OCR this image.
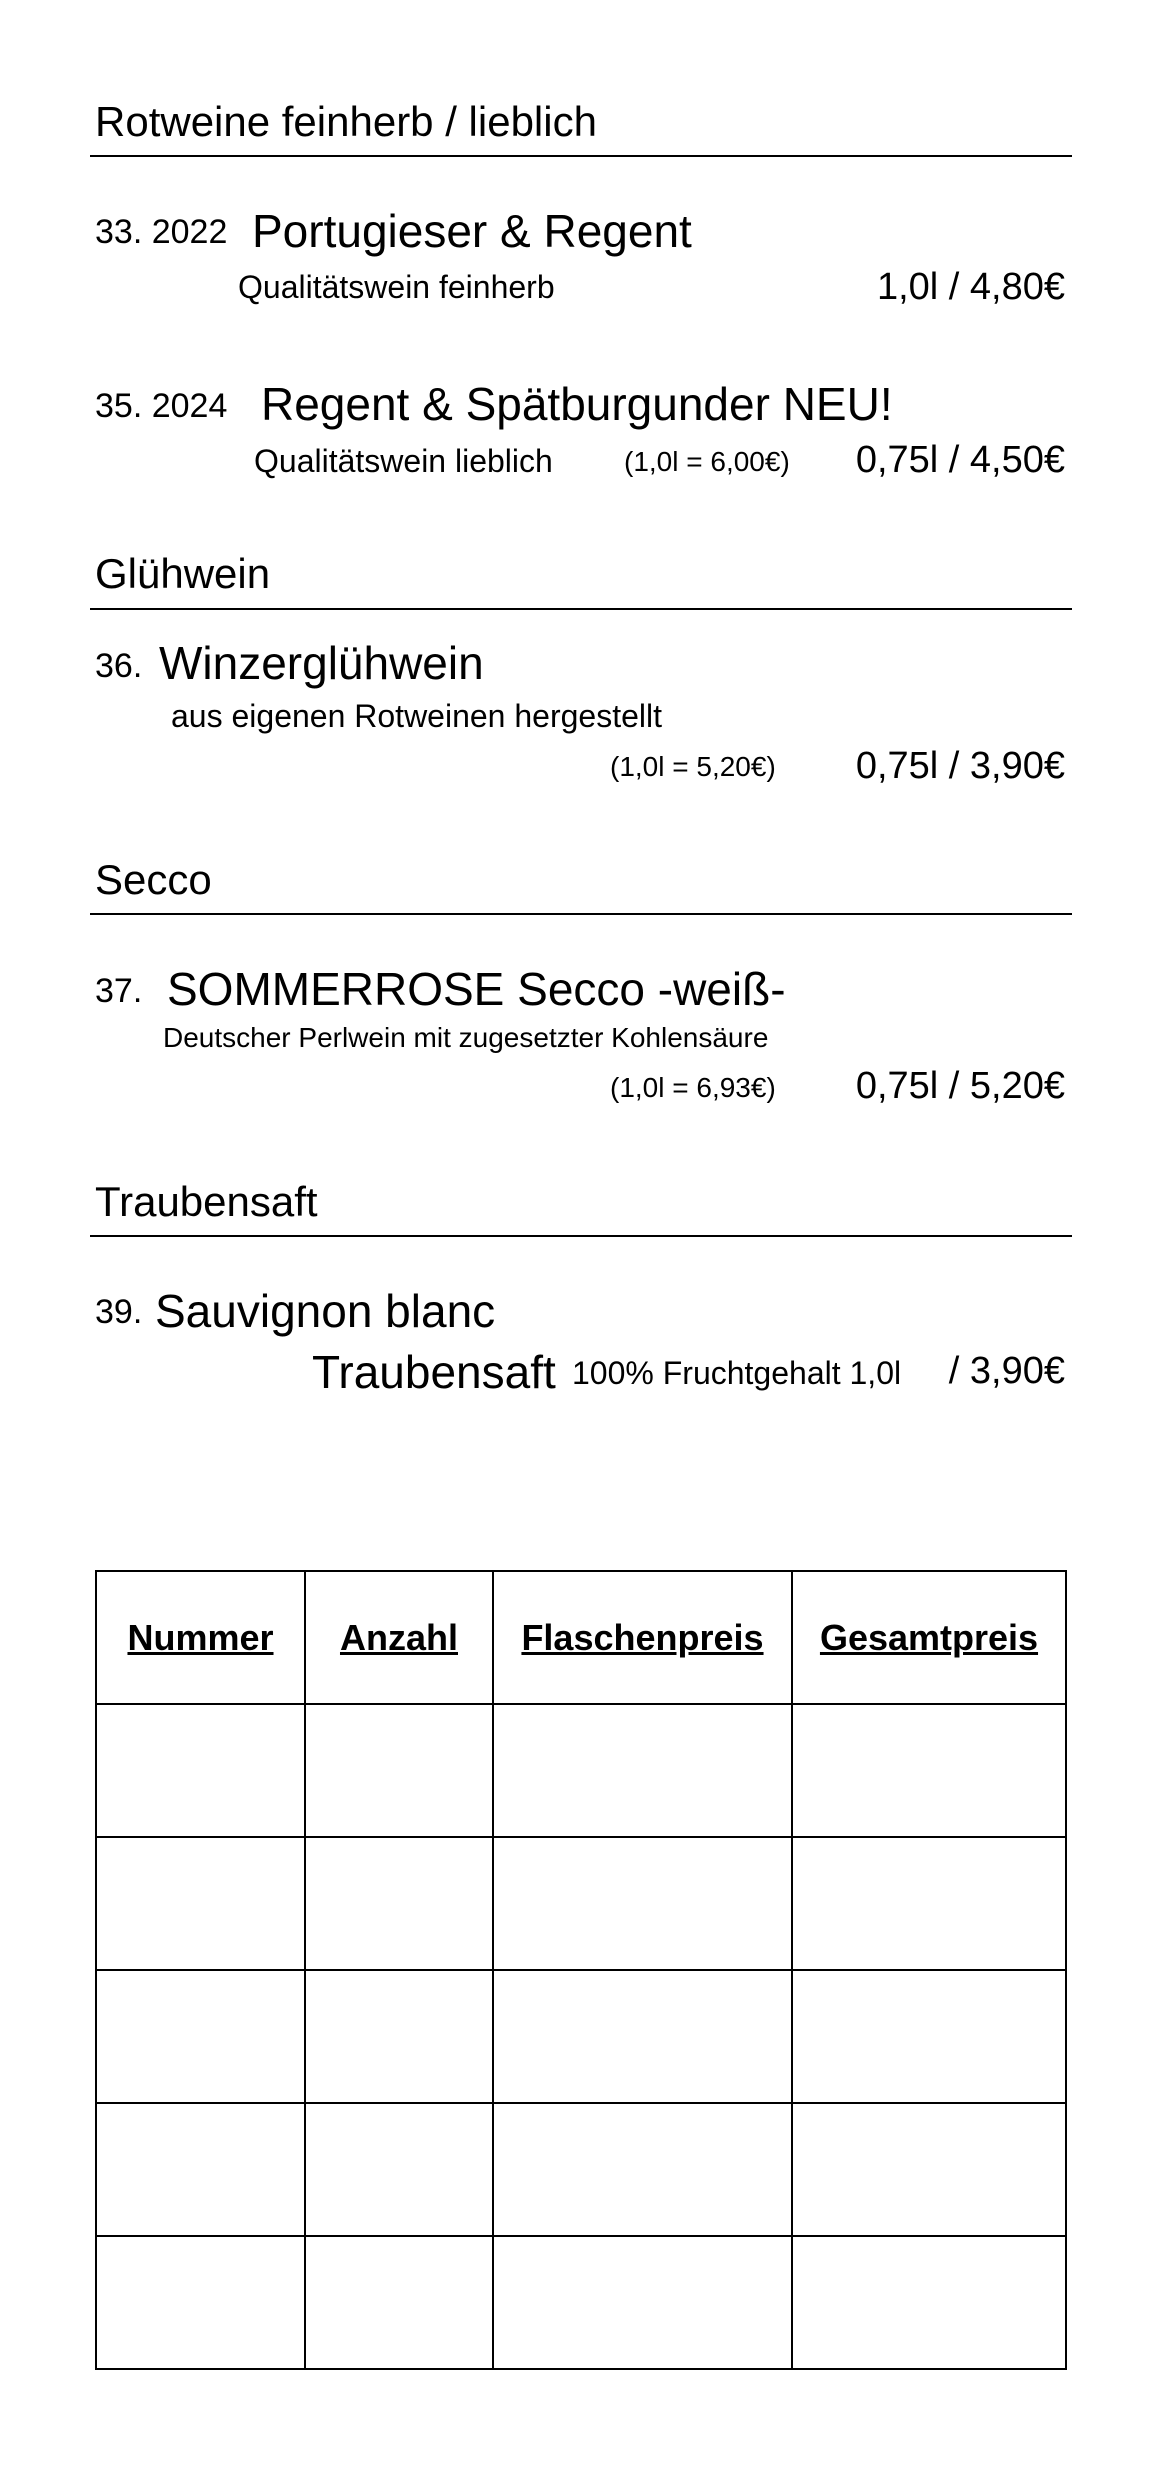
Rotweine feinherb / lieblich
33. 2022 Portugieser & Regent
Qualitätswein feinherb	1,0l / 4,80€
35. 2024 Regent & Spätburgunder NEU!
Qualitätswein lieblich	(1,0l = 6,00€) 0,75l / 4,50€
Glühwein
36. Winzerglühwein
aus eigenen Rotweinen hergestellt
(1,0l = 5,20€) 0,75l / 3,90€
Secco
37. SOMMERROSE Secco -weiß-
Deutscher Perlwein mit zugesetzter Kohlensäure
(1,0l = 6,93€) 0,75l / 5,20€
Traubensaft
39. Sauvignon blanc
Traubensaft 100% Fruchtgehalt 1,0l / 3,90€
Nummer	Anzahl	Flaschenpreis	Gesamtpreis
